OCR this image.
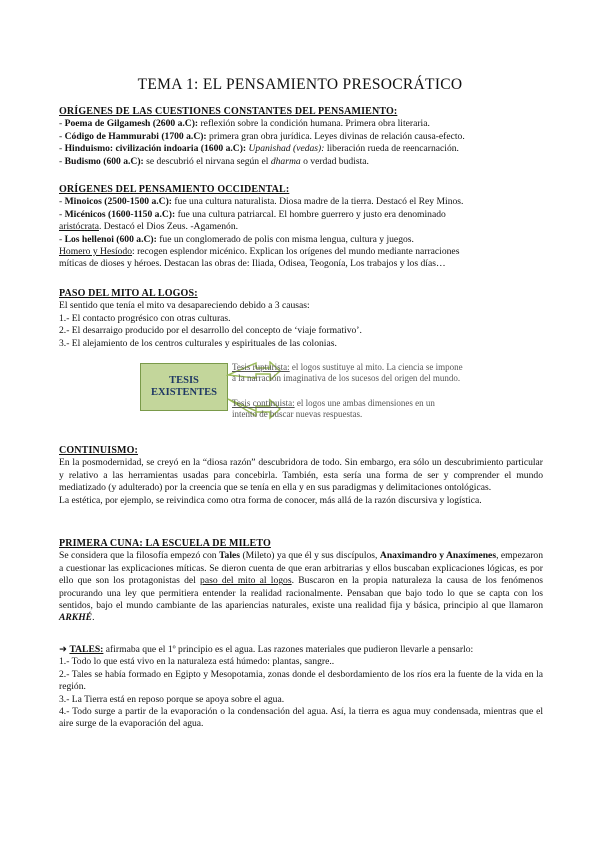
TEMA 1: EL PENSAMIENTO PRESOCRÁTICO
ORÍGENES DE LAS CUESTIONES CONSTANTES DEL PENSAMIENTO:
- Poema de Gilgamesh (2600 a.C): reflexión sobre la condición humana. Primera obra literaria.
- Código de Hammurabi (1700 a.C): primera gran obra jurídica. Leyes divinas de relación causa-efecto.
- Hinduismo: civilización indoaria (1600 a.C): Upanishad (vedas): liberación rueda de reencarnación.
- Budismo (600 a.C): se descubrió el nirvana según el dharma o verdad budista.
ORÍGENES DEL PENSAMIENTO OCCIDENTAL:
- Minoicos (2500-1500 a.C): fue una cultura naturalista. Diosa madre de la tierra. Destacó el Rey Minos.
- Micénicos (1600-1150 a.C): fue una cultura patriarcal. El hombre guerrero y justo era denominado
aristócrata. Destacó el Dios Zeus. -Agamenón.
- Los hellenoi (600 a.C): fue un conglomerado de polis con misma lengua, cultura y juegos.
Homero y Hesíodo: recogen esplendor micénico. Explican los orígenes del mundo mediante narraciones
míticas de dioses y héroes. Destacan las obras de: Iliada, Odisea, Teogonía, Los trabajos y los días…
PASO DEL MITO AL LOGOS:
El sentido que tenía el mito va desapareciendo debido a 3 causas:
1.- El contacto progrésico con otras culturas.
2.- El desarraigo producido por el desarrollo del concepto de ‘viaje formativo’.
3.- El alejamiento de los centros culturales y espirituales de las colonias.
TESIS
EXISTENTES
Tesis rupturista: el logos sustituye al mito. La ciencia se impone
a la narración imaginativa de los sucesos del origen del mundo.
Tesis continuista: el logos une ambas dimensiones en un
intento de buscar nuevas respuestas.
CONTINUISMO:
En la posmodernidad, se creyó en la “diosa razón” descubridora de todo. Sin embargo, era sólo un descubrimiento particular y relativo a las herramientas usadas para concebirla. También, esta sería una forma de ser y comprender el mundo mediatizado (y adulterado) por la creencia que se tenía en ella y en sus paradigmas y delimitaciones ontológicas.
La estética, por ejemplo, se reivindica como otra forma de conocer, más allá de la razón discursiva y logística.
PRIMERA CUNA: LA ESCUELA DE MILETO
Se considera que la filosofía empezó con Tales (Mileto) ya que él y sus discípulos, Anaximandro y Anaxímenes, empezaron a cuestionar las explicaciones míticas. Se dieron cuenta de que eran arbitrarias y ellos buscaban explicaciones lógicas, es por ello que son los protagonistas del paso del mito al logos. Buscaron en la propia naturaleza la causa de los fenómenos procurando una ley que permitiera entender la realidad racionalmente. Pensaban que bajo todo lo que se capta con los sentidos, bajo el mundo cambiante de las apariencias naturales, existe una realidad fija y básica, principio al que llamaron ARKHÉ.
➜ TALES: afirmaba que el 1º principio es el agua. Las razones materiales que pudieron llevarle a pensarlo:
1.- Todo lo que está vivo en la naturaleza está húmedo: plantas, sangre..
2.- Tales se había formado en Egipto y Mesopotamia, zonas donde el desbordamiento de los ríos era la fuente de la vida en la región.
3.- La Tierra está en reposo porque se apoya sobre el agua.
4.- Todo surge a partir de la evaporación o la condensación del agua. Así, la tierra es agua muy condensada, mientras que el aire surge de la evaporación del agua.
